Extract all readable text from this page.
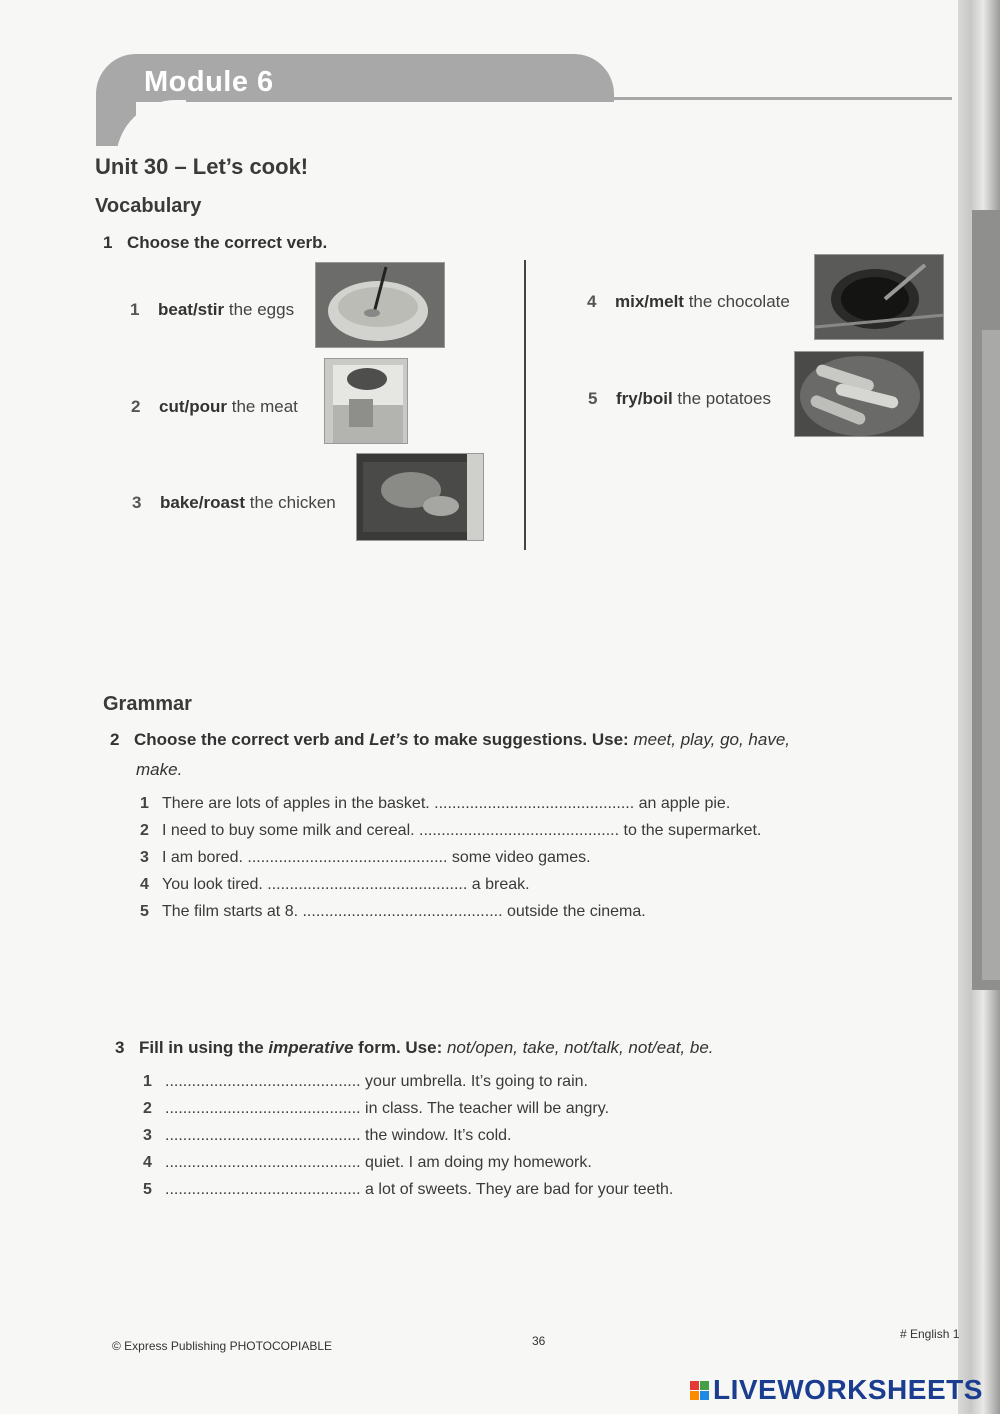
Module 6
Unit 30 – Let’s cook!
Vocabulary
1 Choose the correct verb.
1 beat/stir the eggs
2 cut/pour the meat
3 bake/roast the chicken
4 mix/melt the chocolate
5 fry/boil the potatoes
Grammar
2 Choose the correct verb and Let’s to make suggestions. Use: meet, play, go, have,
make.
1 There are lots of apples in the basket. ............................................. an apple pie.
2 I need to buy some milk and cereal. ............................................. to the supermarket.
3 I am bored. ............................................. some video games.
4 You look tired. ............................................. a break.
5 The film starts at 8. ............................................. outside the cinema.
3 Fill in using the imperative form. Use: not/open, take, not/talk, not/eat, be.
1 ............................................ your umbrella. It’s going to rain.
2 ............................................ in class. The teacher will be angry.
3 ............................................ the window. It’s cold.
4 ............................................ quiet. I am doing my homework.
5 ............................................ a lot of sweets. They are bad for your teeth.
© Express Publishing PHOTOCOPIABLE	36	# English 1
LIVEWORKSHEETS
